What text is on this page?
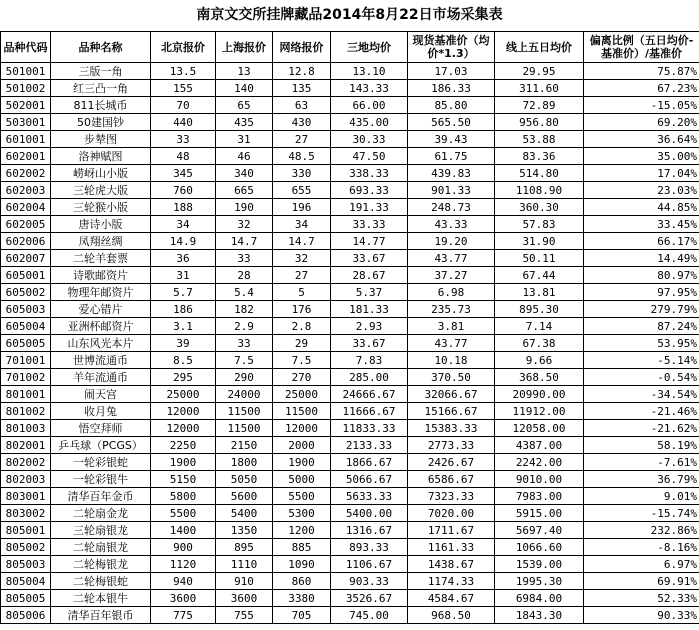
南京文交所挂牌藏品2014年8月22日市场采集表
品种代码	品种名称	北京报价	上海报价	网络报价	三地均价	现货基准价（均价*1.3）	线上五日均价	偏离比例（五日均价-基准价）/基准价
501001	三版一角	13.5	13	12.8	13.10	17.03	29.95	75.87%
501002	红三凸一角	155	140	135	143.33	186.33	311.60	67.23%
502001	811长城币	70	65	63	66.00	85.80	72.89	-15.05%
503001	50建国钞	440	435	430	435.00	565.50	956.80	69.20%
601001	步辇图	33	31	27	30.33	39.43	53.88	36.64%
602001	洛神赋图	48	46	48.5	47.50	61.75	83.36	35.00%
602002	崂岈山小版	345	340	330	338.33	439.83	514.80	17.04%
602003	三轮虎大版	760	665	655	693.33	901.33	1108.90	23.03%
602004	三轮猴小版	188	190	196	191.33	248.73	360.30	44.85%
602005	唐诗小版	34	32	34	33.33	43.33	57.83	33.45%
602006	凤翔丝绸	14.9	14.7	14.7	14.77	19.20	31.90	66.17%
602007	二轮羊套票	36	33	32	33.67	43.77	50.11	14.49%
605001	诗歌邮资片	31	28	27	28.67	37.27	67.44	80.97%
605002	物理年邮资片	5.7	5.4	5	5.37	6.98	13.81	97.95%
605003	爱心错片	186	182	176	181.33	235.73	895.30	279.79%
605004	亚洲杯邮资片	3.1	2.9	2.8	2.93	3.81	7.14	87.24%
605005	山东风光本片	39	33	29	33.67	43.77	67.38	53.95%
701001	世博流通币	8.5	7.5	7.5	7.83	10.18	9.66	-5.14%
701002	羊年流通币	295	290	270	285.00	370.50	368.50	-0.54%
801001	闹天宫	25000	24000	25000	24666.67	32066.67	20990.00	-34.54%
801002	收月兔	12000	11500	11500	11666.67	15166.67	11912.00	-21.46%
801003	悟空拜师	12000	11500	12000	11833.33	15383.33	12058.00	-21.62%
802001	乒乓球（PCGS）	2250	2150	2000	2133.33	2773.33	4387.00	58.19%
802002	一轮彩银蛇	1900	1800	1900	1866.67	2426.67	2242.00	-7.61%
802003	一轮彩银牛	5150	5050	5000	5066.67	6586.67	9010.00	36.79%
803001	清华百年金币	5800	5600	5500	5633.33	7323.33	7983.00	9.01%
803002	二轮扇金龙	5500	5400	5300	5400.00	7020.00	5915.00	-15.74%
805001	三轮扇银龙	1400	1350	1200	1316.67	1711.67	5697.40	232.86%
805002	二轮扇银龙	900	895	885	893.33	1161.33	1066.60	-8.16%
805003	二轮梅银龙	1120	1110	1090	1106.67	1438.67	1539.00	6.97%
805004	二轮梅银蛇	940	910	860	903.33	1174.33	1995.30	69.91%
805005	二轮本银牛	3600	3600	3380	3526.67	4584.67	6984.00	52.33%
805006	清华百年银币	775	755	705	745.00	968.50	1843.30	90.33%
